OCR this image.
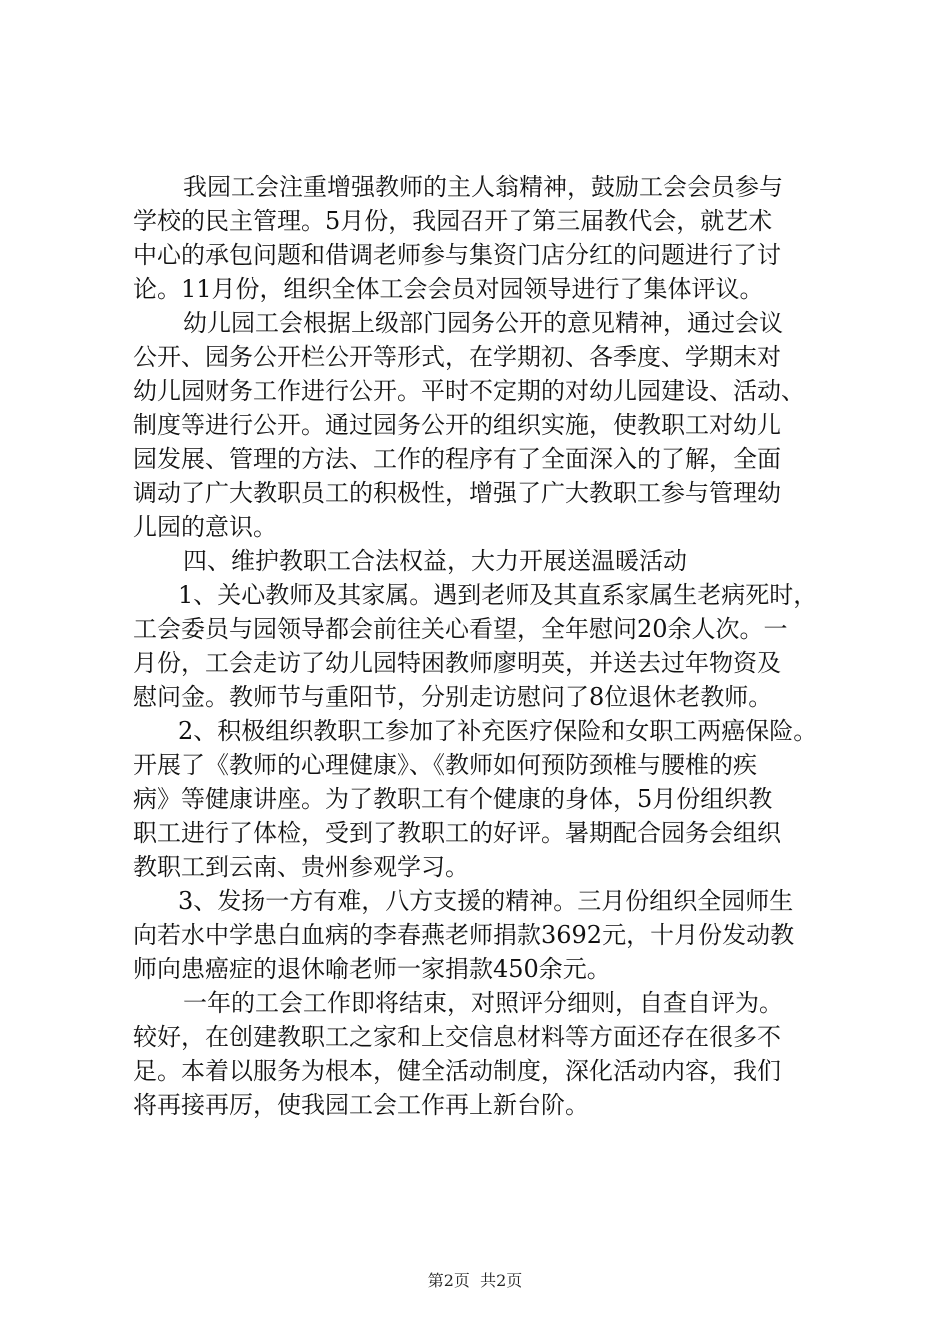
我园工会注重增强教师的主人翁精神，鼓励工会会员参与
学校的民主管理。5月份，我园召开了第三届教代会，就艺术
中心的承包问题和借调老师参与集资门店分红的问题进行了讨
论。11月份，组织全体工会会员对园领导进行了集体评议。
幼儿园工会根据上级部门园务公开的意见精神，通过会议
公开、园务公开栏公开等形式，在学期初、各季度、学期末对
幼儿园财务工作进行公开。平时不定期的对幼儿园建设、活动、
制度等进行公开。通过园务公开的组织实施，使教职工对幼儿
园发展、管理的方法、工作的程序有了全面深入的了解，全面
调动了广大教职员工的积极性，增强了广大教职工参与管理幼
儿园的意识。
四、维护教职工合法权益，大力开展送温暖活动
1、关心教师及其家属。遇到老师及其直系家属生老病死时，
工会委员与园领导都会前往关心看望，全年慰问20余人次。一
月份，工会走访了幼儿园特困教师廖明英，并送去过年物资及
慰问金。教师节与重阳节，分别走访慰问了8位退休老教师。
2、积极组织教职工参加了补充医疗保险和女职工两癌保险。
开展了《教师的心理健康》、《教师如何预防颈椎与腰椎的疾
病》等健康讲座。为了教职工有个健康的身体，5月份组织教
职工进行了体检，受到了教职工的好评。暑期配合园务会组织
教职工到云南、贵州参观学习。
3、发扬一方有难，八方支援的精神。三月份组织全园师生
向若水中学患白血病的李春燕老师捐款3692元，十月份发动教
师向患癌症的退休喻老师一家捐款450余元。
一年的工会工作即将结束，对照评分细则，自查自评为。
较好，在创建教职工之家和上交信息材料等方面还存在很多不
足。本着以服务为根本，健全活动制度，深化活动内容，我们
将再接再厉，使我园工会工作再上新台阶。
第2页  共2页
